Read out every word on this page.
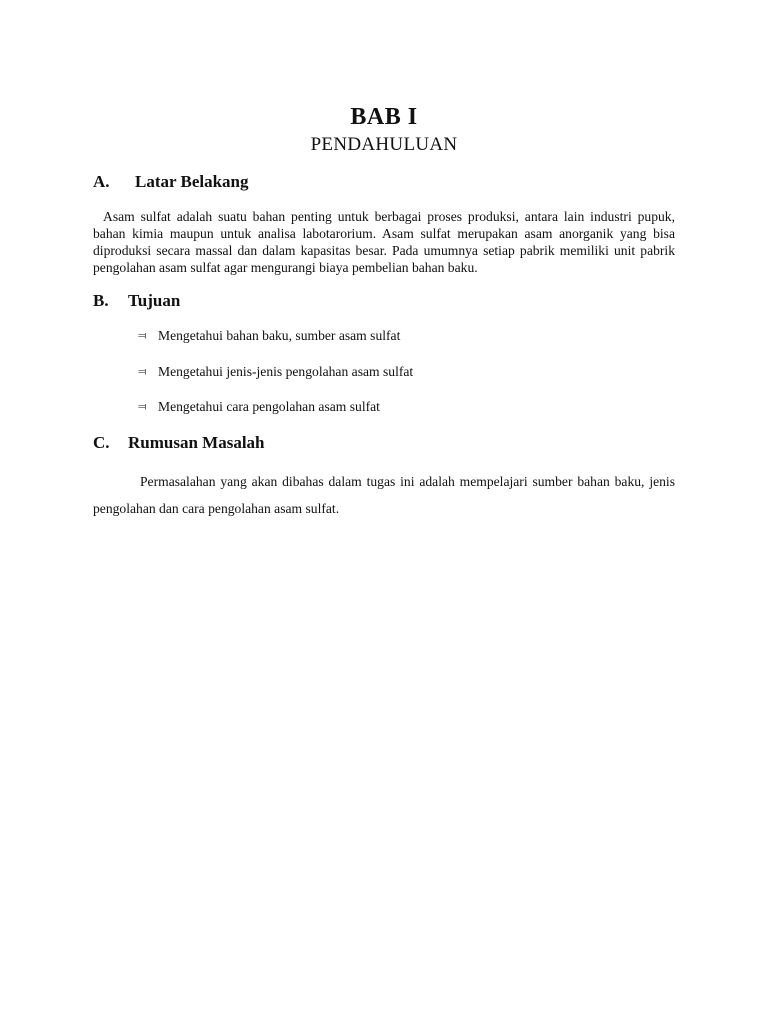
BAB I
PENDAHULUAN
A. Latar Belakang
Asam sulfat adalah suatu bahan penting untuk berbagai proses produksi, antara lain industri pupuk, bahan kimia maupun untuk analisa labotarorium. Asam sulfat merupakan asam anorganik yang bisa diproduksi secara massal dan dalam kapasitas besar. Pada umumnya setiap pabrik memiliki unit pabrik pengolahan asam sulfat agar mengurangi biaya pembelian bahan baku.
B. Tujuan
⫤ Mengetahui bahan baku, sumber asam sulfat
⫤ Mengetahui jenis-jenis pengolahan asam sulfat
⫤ Mengetahui cara pengolahan asam sulfat
C. Rumusan Masalah
Permasalahan yang akan dibahas dalam tugas ini adalah mempelajari sumber bahan baku, jenis pengolahan dan cara pengolahan asam sulfat.
